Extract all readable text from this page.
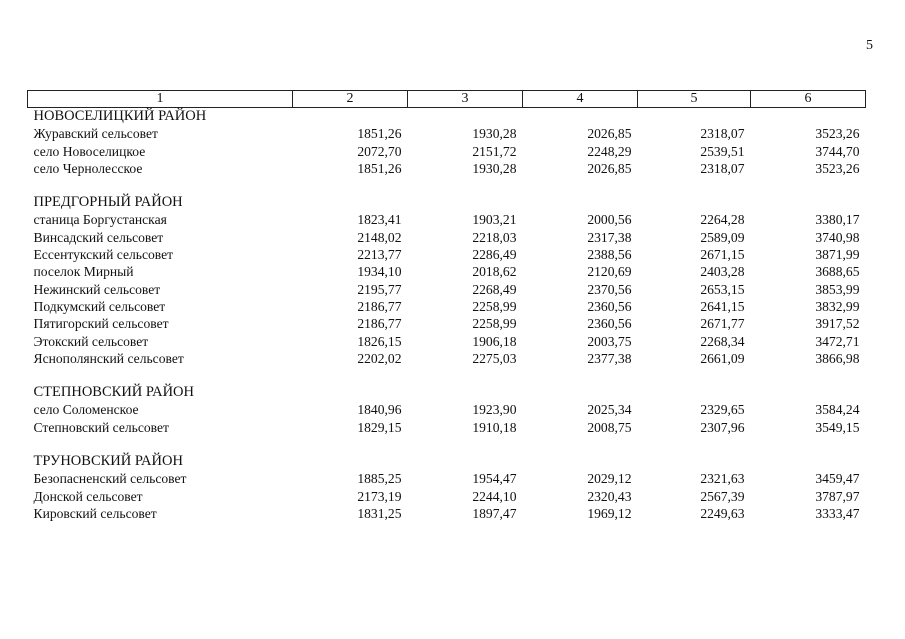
5
1	2	3	4	5	6
НОВОСЕЛИЦКИЙ РАЙОН					
Журавский сельсовет	1851,26	1930,28	2026,85	2318,07	3523,26
село Новоселицкое	2072,70	2151,72	2248,29	2539,51	3744,70
село Чернолесское	1851,26	1930,28	2026,85	2318,07	3523,26

ПРЕДГОРНЫЙ РАЙОН					
станица Боргустанская	1823,41	1903,21	2000,56	2264,28	3380,17
Винсадский сельсовет	2148,02	2218,03	2317,38	2589,09	3740,98
Ессентукский сельсовет	2213,77	2286,49	2388,56	2671,15	3871,99
поселок Мирный	1934,10	2018,62	2120,69	2403,28	3688,65
Нежинский сельсовет	2195,77	2268,49	2370,56	2653,15	3853,99
Подкумский сельсовет	2186,77	2258,99	2360,56	2641,15	3832,99
Пятигорский сельсовет	2186,77	2258,99	2360,56	2671,77	3917,52
Этокский сельсовет	1826,15	1906,18	2003,75	2268,34	3472,71
Яснополянский сельсовет	2202,02	2275,03	2377,38	2661,09	3866,98

СТЕПНОВСКИЙ РАЙОН					
село Соломенское	1840,96	1923,90	2025,34	2329,65	3584,24
Степновский сельсовет	1829,15	1910,18	2008,75	2307,96	3549,15

ТРУНОВСКИЙ РАЙОН					
Безопасненский сельсовет	1885,25	1954,47	2029,12	2321,63	3459,47
Донской сельсовет	2173,19	2244,10	2320,43	2567,39	3787,97
Кировский сельсовет	1831,25	1897,47	1969,12	2249,63	3333,47
